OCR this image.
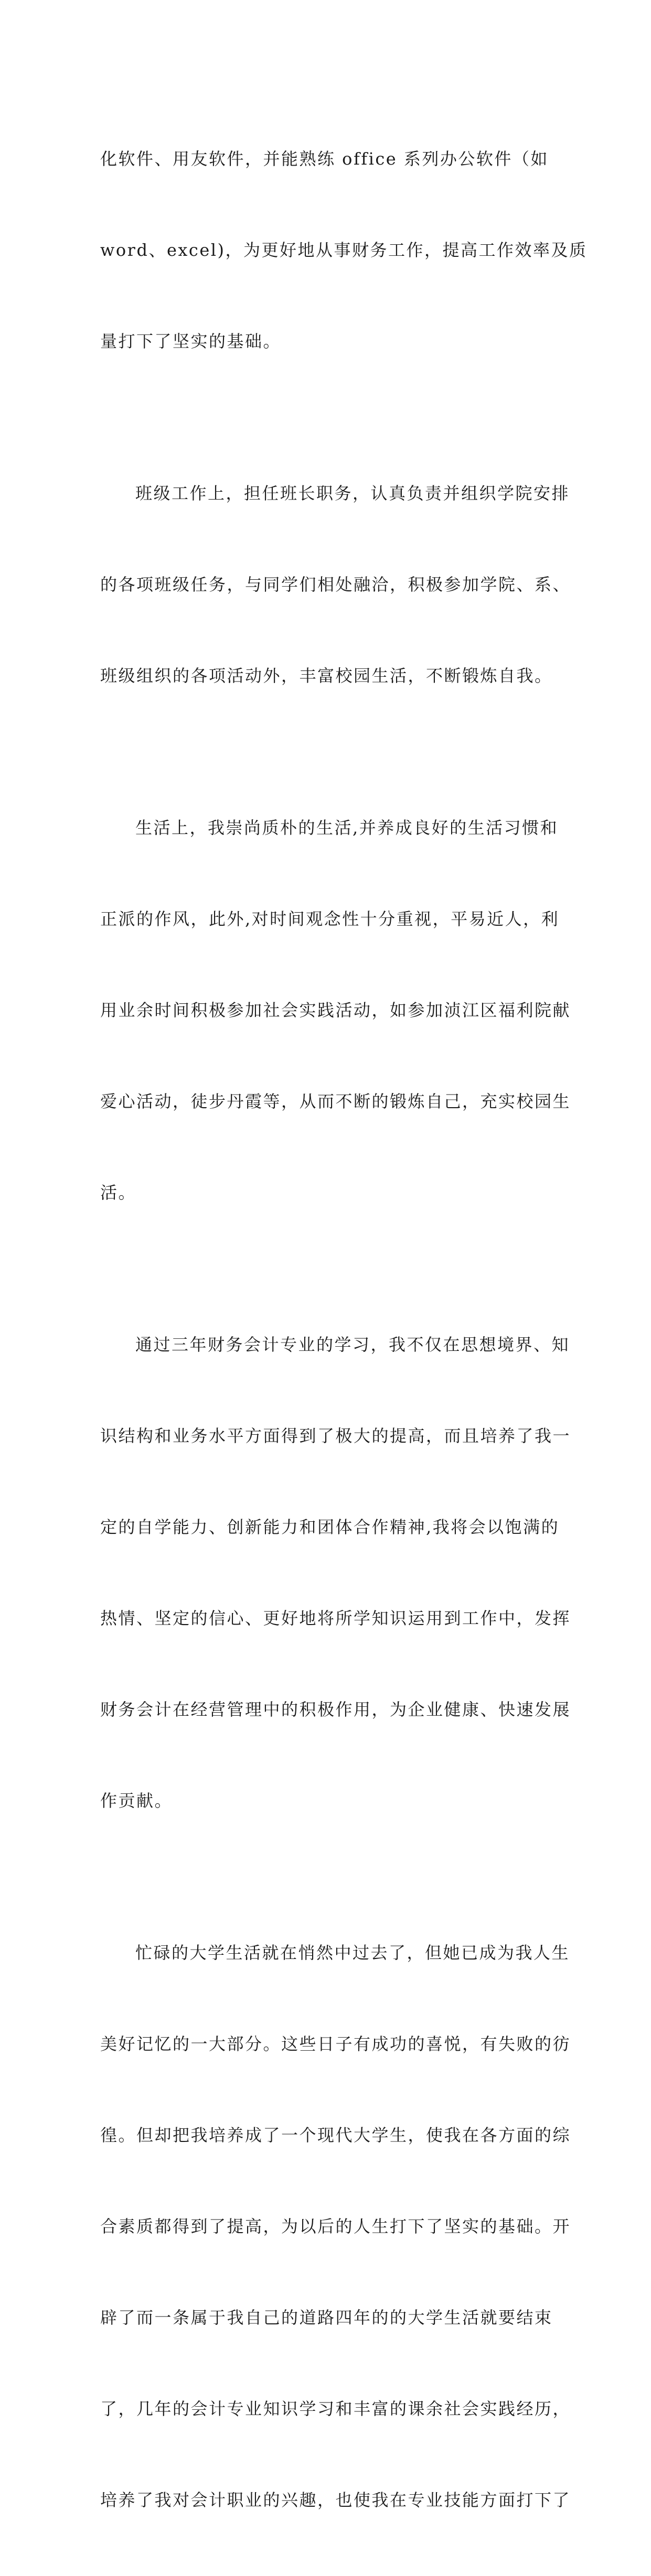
化软件、用友软件，并能熟练 office 系列办公软件（如

word、excel)，为更好地从事财务工作，提高工作效率及质

量打下了坚实的基础。

班级工作上，担任班长职务，认真负责并组织学院安排

的各项班级任务，与同学们相处融洽，积极参加学院、系、

班级组织的各项活动外，丰富校园生活，不断锻炼自我。

生活上，我崇尚质朴的生活,并养成良好的生活习惯和

正派的作风，此外,对时间观念性十分重视，平易近人，利

用业余时间积极参加社会实践活动，如参加浈江区福利院献

爱心活动，徒步丹霞等，从而不断的锻炼自己，充实校园生

活。

通过三年财务会计专业的学习，我不仅在思想境界、知

识结构和业务水平方面得到了极大的提高，而且培养了我一

定的自学能力、创新能力和团体合作精神,我将会以饱满的

热情、坚定的信心、更好地将所学知识运用到工作中，发挥

财务会计在经营管理中的积极作用，为企业健康、快速发展

作贡献。

忙碌的大学生活就在悄然中过去了，但她已成为我人生

美好记忆的一大部分。这些日子有成功的喜悦，有失败的彷

徨。但却把我培养成了一个现代大学生，使我在各方面的综

合素质都得到了提高，为以后的人生打下了坚实的基础。开

辟了而一条属于我自己的道路四年的的大学生活就要结束

了，几年的会计专业知识学习和丰富的课余社会实践经历，

培养了我对会计职业的兴趣，也使我在专业技能方面打下了
